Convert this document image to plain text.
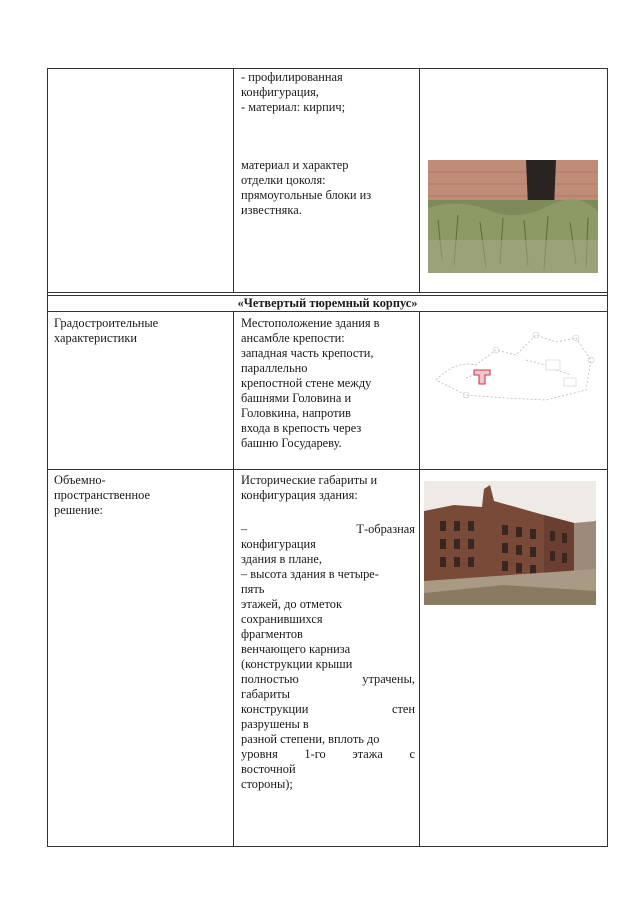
- профилированная

конфигурация,

- материал: кирпич;

материал и характер

отделки цоколя:

прямоугольные блоки из

известняка.

«Четвертый тюремный корпус»

Градостроительные

характеристики

Местоположение здания в

ансамбле крепости:

западная часть крепости,

параллельно

крепостной стене между

башнями Головина и

Головкина, напротив

входа в крепость через

башню Государеву.

Объемно-

пространственное

решение:

Исторические габариты и

конфигурация здания:

– Т-образная

конфигурация

здания в плане,

– высота здания в четыре-

пять

этажей, до отметок

сохранившихся

фрагментов

венчающего карниза

(конструкции крыши

полностью утрачены,

габариты

конструкции стен

разрушены в

разной степени, вплоть до

уровня 1-го этажа с

восточной

стороны);
